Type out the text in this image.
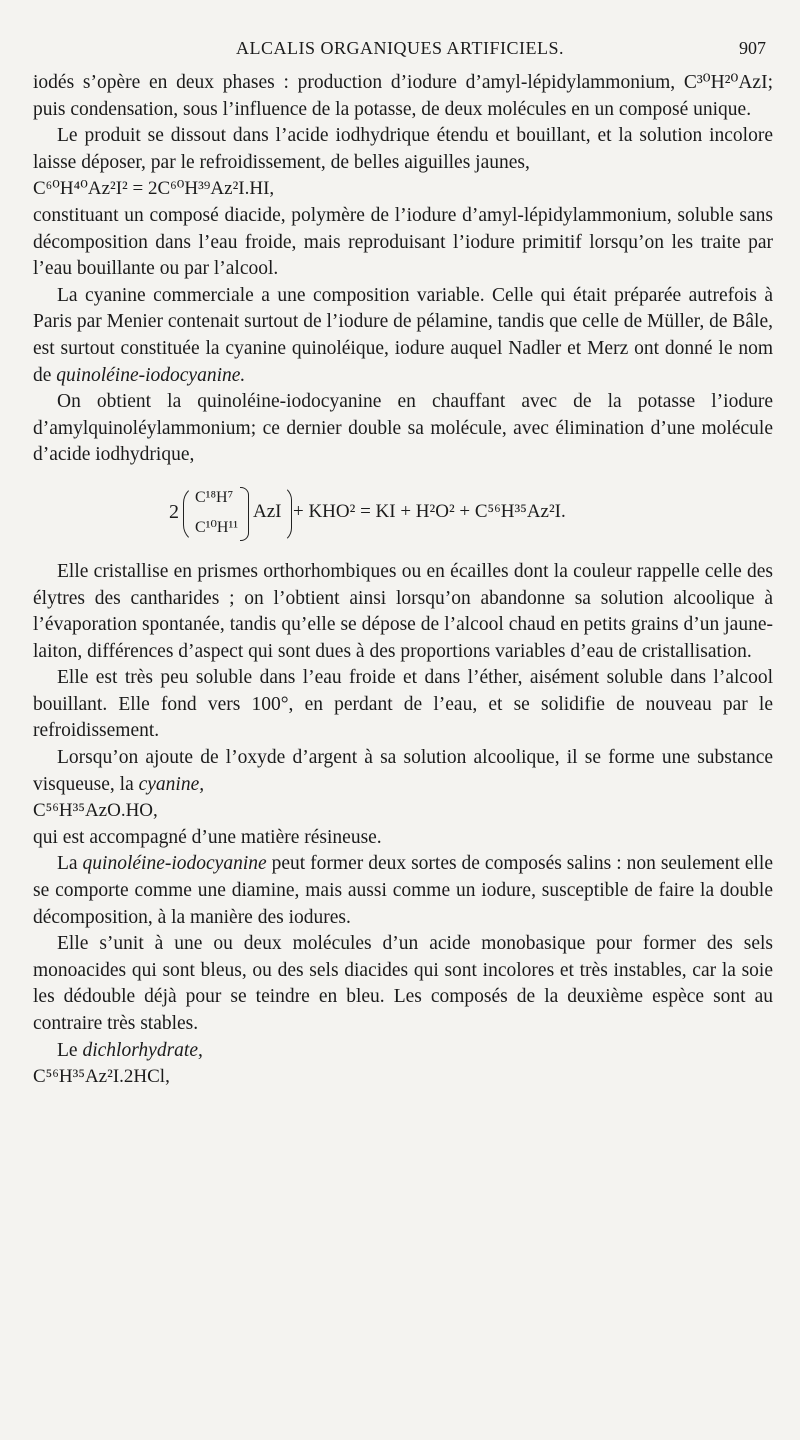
ALCALIS ORGANIQUES ARTIFICIELS.	907

iodés s’opère en deux phases : production d’iodure d’amyl-lépidylammonium, C³⁰H²⁰AzI; puis condensation, sous l’influence de la potasse, de deux molécules en un composé unique.

Le produit se dissout dans l’acide iodhydrique étendu et bouillant, et la solution incolore laisse déposer, par le refroidissement, de belles aiguilles jaunes,

C⁶⁰H⁴⁰Az²I² = 2C⁶⁰H³⁹Az²I.HI,

constituant un composé diacide, polymère de l’iodure d’amyl-lépidylammonium, soluble sans décomposition dans l’eau froide, mais reproduisant l’iodure primitif lorsqu’on les traite par l’eau bouillante ou par l’alcool.

La cyanine commerciale a une composition variable. Celle qui était préparée autrefois à Paris par Menier contenait surtout de l’iodure de pélamine, tandis que celle de Müller, de Bâle, est surtout constituée la cyanine quinoléique, iodure auquel Nadler et Merz ont donné le nom de quinoléine-iodocyanine.

On obtient la quinoléine-iodocyanine en chauffant avec de la potasse l’iodure d’amylquinoléylammonium; ce dernier double sa molécule, avec élimination d’une molécule d’acide iodhydrique,

2
C¹⁸H⁷
C¹⁰H¹¹
AzI + KHO² = KI + H²O² + C⁵⁶H³⁵Az²I.

Elle cristallise en prismes orthorhombiques ou en écailles dont la couleur rappelle celle des élytres des cantharides ; on l’obtient ainsi lorsqu’on abandonne sa solution alcoolique à l’évaporation spontanée, tandis qu’elle se dépose de l’alcool chaud en petits grains d’un jaune-laiton, différences d’aspect qui sont dues à des proportions variables d’eau de cristallisation.

Elle est très peu soluble dans l’eau froide et dans l’éther, aisément soluble dans l’alcool bouillant. Elle fond vers 100°, en perdant de l’eau, et se solidifie de nouveau par le refroidissement.

Lorsqu’on ajoute de l’oxyde d’argent à sa solution alcoolique, il se forme une substance visqueuse, la cyanine,

C⁵⁶H³⁵AzO.HO,

qui est accompagné d’une matière résineuse.

La quinoléine-iodocyanine peut former deux sortes de composés salins : non seulement elle se comporte comme une diamine, mais aussi comme un iodure, susceptible de faire la double décomposition, à la manière des iodures.

Elle s’unit à une ou deux molécules d’un acide monobasique pour former des sels monoacides qui sont bleus, ou des sels diacides qui sont incolores et très instables, car la soie les dédouble déjà pour se teindre en bleu. Les composés de la deuxième espèce sont au contraire très stables.

Le dichlorhydrate,

C⁵⁶H³⁵Az²I.2HCl,
